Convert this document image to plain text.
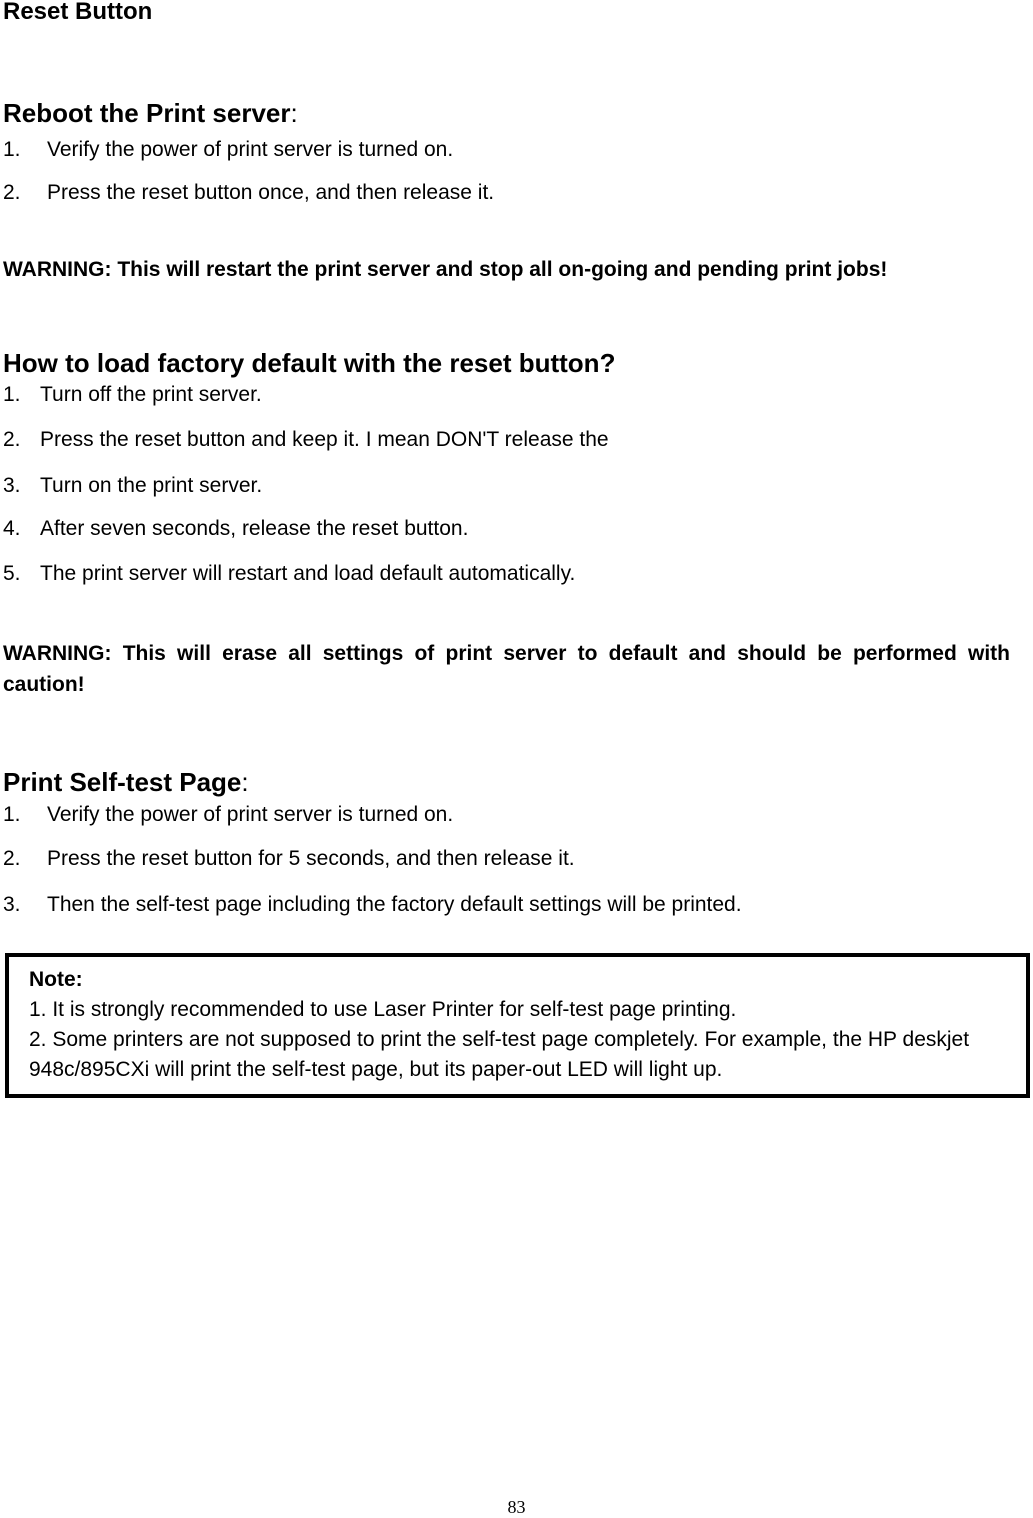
Reset Button
Reboot the Print server:
1. Verify the power of print server is turned on.
2. Press the reset button once, and then release it.
WARNING: This will restart the print server and stop all on-going and pending print jobs!
How to load factory default with the reset button?
1. Turn off the print server.
2. Press the reset button and keep it. I mean DON'T release the
3. Turn on the print server.
4. After seven seconds, release the reset button.
5. The print server will restart and load default automatically.
WARNING: This will erase all settings of print server to default and should be performed with caution!
Print Self-test Page:
1. Verify the power of print server is turned on.
2. Press the reset button for 5 seconds, and then release it.
3. Then the self-test page including the factory default settings will be printed.
Note:
1. It is strongly recommended to use Laser Printer for self-test page printing.
2. Some printers are not supposed to print the self-test page completely. For example, the HP deskjet 948c/895CXi will print the self-test page, but its paper-out LED will light up.
83
